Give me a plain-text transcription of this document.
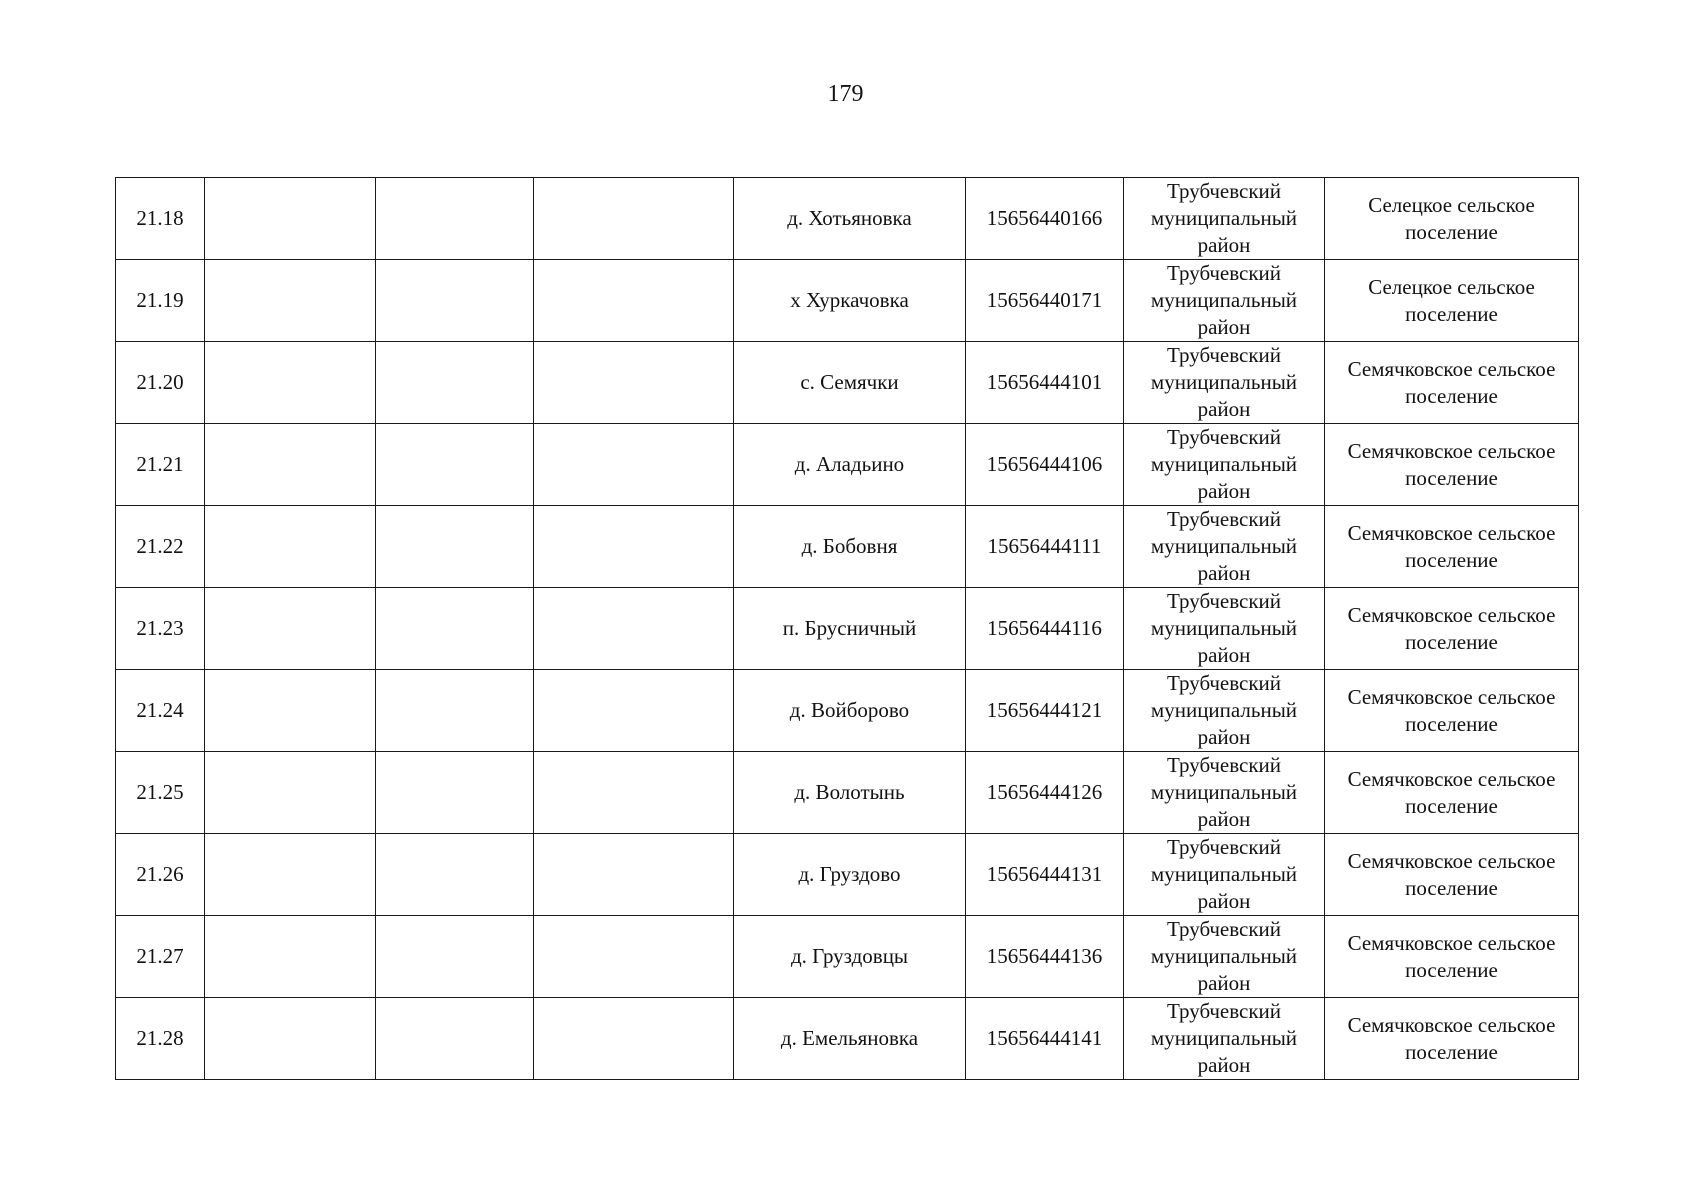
179
21.18				д. Хотьяновка	15656440166	Трубчевский муниципальный район	Селецкое сельское поселение
21.19				х Хуркачовка	15656440171	Трубчевский муниципальный район	Селецкое сельское поселение
21.20				с. Семячки	15656444101	Трубчевский муниципальный район	Семячковское сельское поселение
21.21				д. Аладьино	15656444106	Трубчевский муниципальный район	Семячковское сельское поселение
21.22				д. Бобовня	15656444111	Трубчевский муниципальный район	Семячковское сельское поселение
21.23				п. Брусничный	15656444116	Трубчевский муниципальный район	Семячковское сельское поселение
21.24				д. Войборово	15656444121	Трубчевский муниципальный район	Семячковское сельское поселение
21.25				д. Волотынь	15656444126	Трубчевский муниципальный район	Семячковское сельское поселение
21.26				д. Груздово	15656444131	Трубчевский муниципальный район	Семячковское сельское поселение
21.27				д. Груздовцы	15656444136	Трубчевский муниципальный район	Семячковское сельское поселение
21.28				д. Емельяновка	15656444141	Трубчевский муниципальный район	Семячковское сельское поселение
